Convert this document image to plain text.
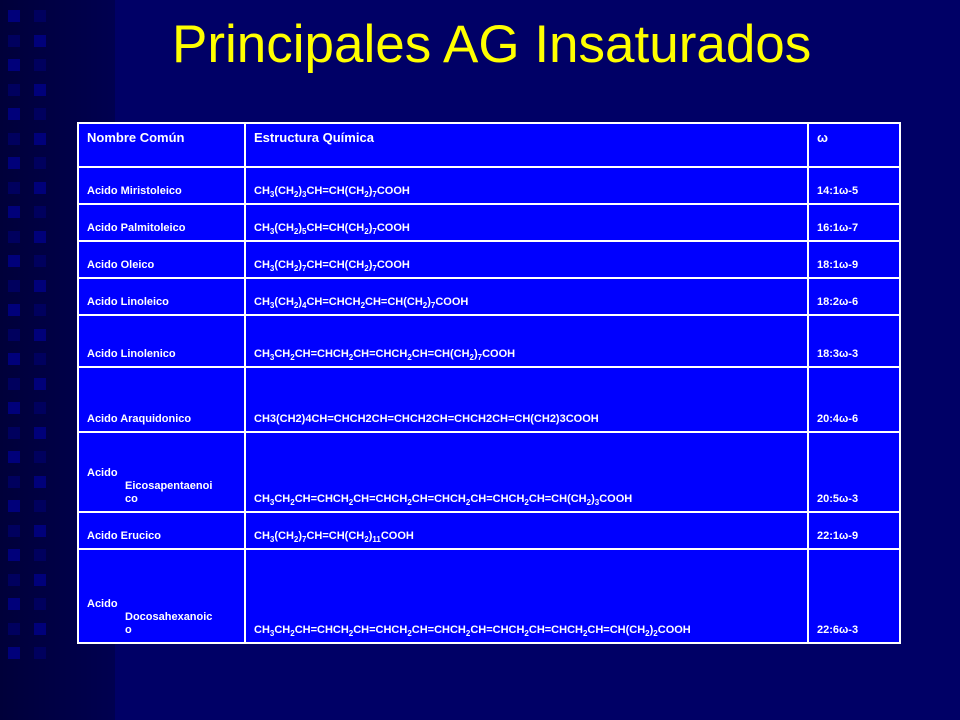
Principales AG Insaturados
Nombre Común	Estructura Química	ω
Acido Miristoleico	$CH_3(CH_2)_3CH=CH(CH_2)_7COOH$	14:1ω-5
Acido Palmitoleico	$CH_3(CH_2)_5CH=CH(CH_2)_7COOH$	16:1ω-7
Acido Oleico	$CH_3(CH_2)_7CH=CH(CH_2)_7COOH$	18:1ω-9
Acido Linoleico	$CH_3(CH_2)_4CH=CHCH_2CH=CH(CH_2)_7COOH$	18:2ω-6
Acido Linolenico	$CH_3CH_2CH=CHCH_2CH=CHCH_2CH=CH(CH_2)_7COOH$	18:3ω-3
Acido Araquidonico	CH3(CH2)4CH=CHCH2CH=CHCH2CH=CHCH2CH=CH(CH2)3COOH	20:4ω-6
Acido
Eicosapentaenoi
co	$CH_3CH_2CH=CHCH_2CH=CHCH_2CH=CHCH_2CH=CHCH_2CH=CH(CH_2)_3COOH$	20:5ω-3
Acido Erucico	$CH_3(CH_2)_7CH=CH(CH_2)_{11}COOH$	22:1ω-9
Acido
Docosahexanoic
o	$CH_3CH_2CH=CHCH_2CH=CHCH_2CH=CHCH_2CH=CHCH_2CH=CHCH_2CH=CH(CH_2)_2COOH$	22:6ω-3
